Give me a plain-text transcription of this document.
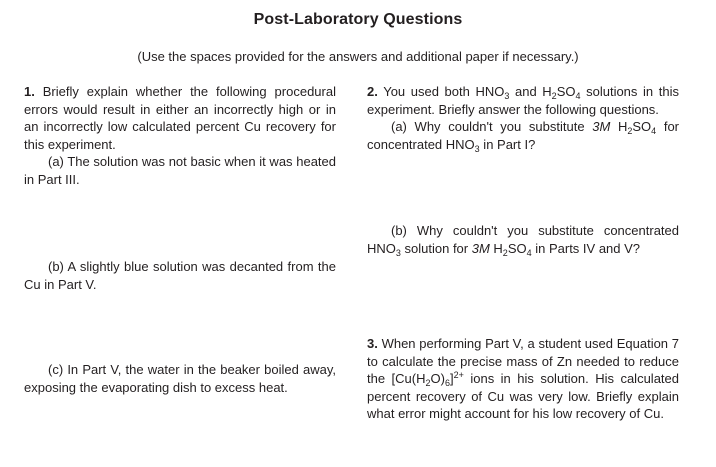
Post-Laboratory Questions
(Use the spaces provided for the answers and additional paper if necessary.)

1. Briefly explain whether the following procedural errors would result in either an incorrectly high or in an incorrectly low calculated percent Cu recovery for this experiment.

(a) The solution was not basic when it was heated in Part III.

(b) A slightly blue solution was decanted from the Cu in Part V.

(c) In Part V, the water in the beaker boiled away, exposing the evaporating dish to excess heat.

2. You used both $HNO_3$ and $H_2SO_4$ solutions in this experiment. Briefly answer the following questions.

(a) Why couldn't you substitute 3M $H_2SO_4$ for concentrated $HNO_3$ in Part I?

(b) Why couldn't you substitute concentrated $HNO_3$ solution for 3M $H_2SO_4$ in Parts IV and V?

3. When performing Part V, a student used Equation 7 to calculate the precise mass of Zn needed to reduce the $[Cu(H_2O)_6]^{2+}$ ions in his solution. His calculated percent recovery of Cu was very low. Briefly explain what error might account for his low recovery of Cu.
